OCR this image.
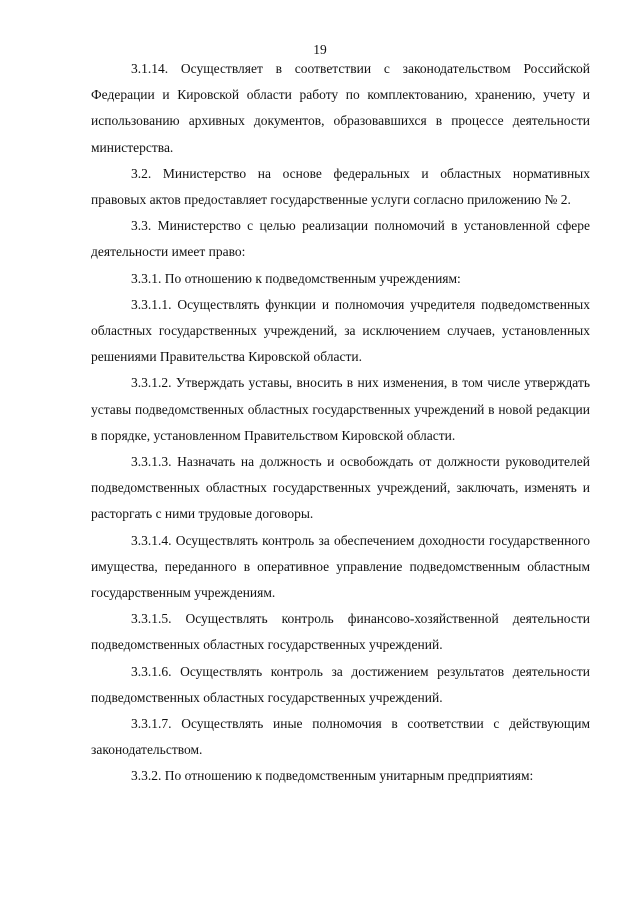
19

3.1.14. Осуществляет в соответствии с законодательством Российской Федерации и Кировской области работу по комплектованию, хранению, учету и использованию архивных документов, образовавшихся в процессе деятельности министерства.

3.2. Министерство на основе федеральных и областных нормативных правовых актов предоставляет государственные услуги согласно приложению № 2.

3.3. Министерство с целью реализации полномочий в установленной сфере деятельности имеет право:

3.3.1. По отношению к подведомственным учреждениям:

3.3.1.1. Осуществлять функции и полномочия учредителя подведомственных областных государственных учреждений, за исключением случаев, установленных решениями Правительства Кировской области.

3.3.1.2. Утверждать уставы, вносить в них изменения, в том числе утверждать уставы подведомственных областных государственных учреждений в новой редакции в порядке, установленном Правительством Кировской области.

3.3.1.3. Назначать на должность и освобождать от должности руководителей подведомственных областных государственных учреждений, заключать, изменять и расторгать с ними трудовые договоры.

3.3.1.4. Осуществлять контроль за обеспечением доходности государственного имущества, переданного в оперативное управление подведомственным областным государственным учреждениям.

3.3.1.5. Осуществлять контроль финансово-хозяйственной деятельности подведомственных областных государственных учреждений.

3.3.1.6. Осуществлять контроль за достижением результатов деятельности подведомственных областных государственных учреждений.

3.3.1.7. Осуществлять иные полномочия в соответствии с действующим законодательством.

3.3.2. По отношению к подведомственным унитарным предприятиям:
